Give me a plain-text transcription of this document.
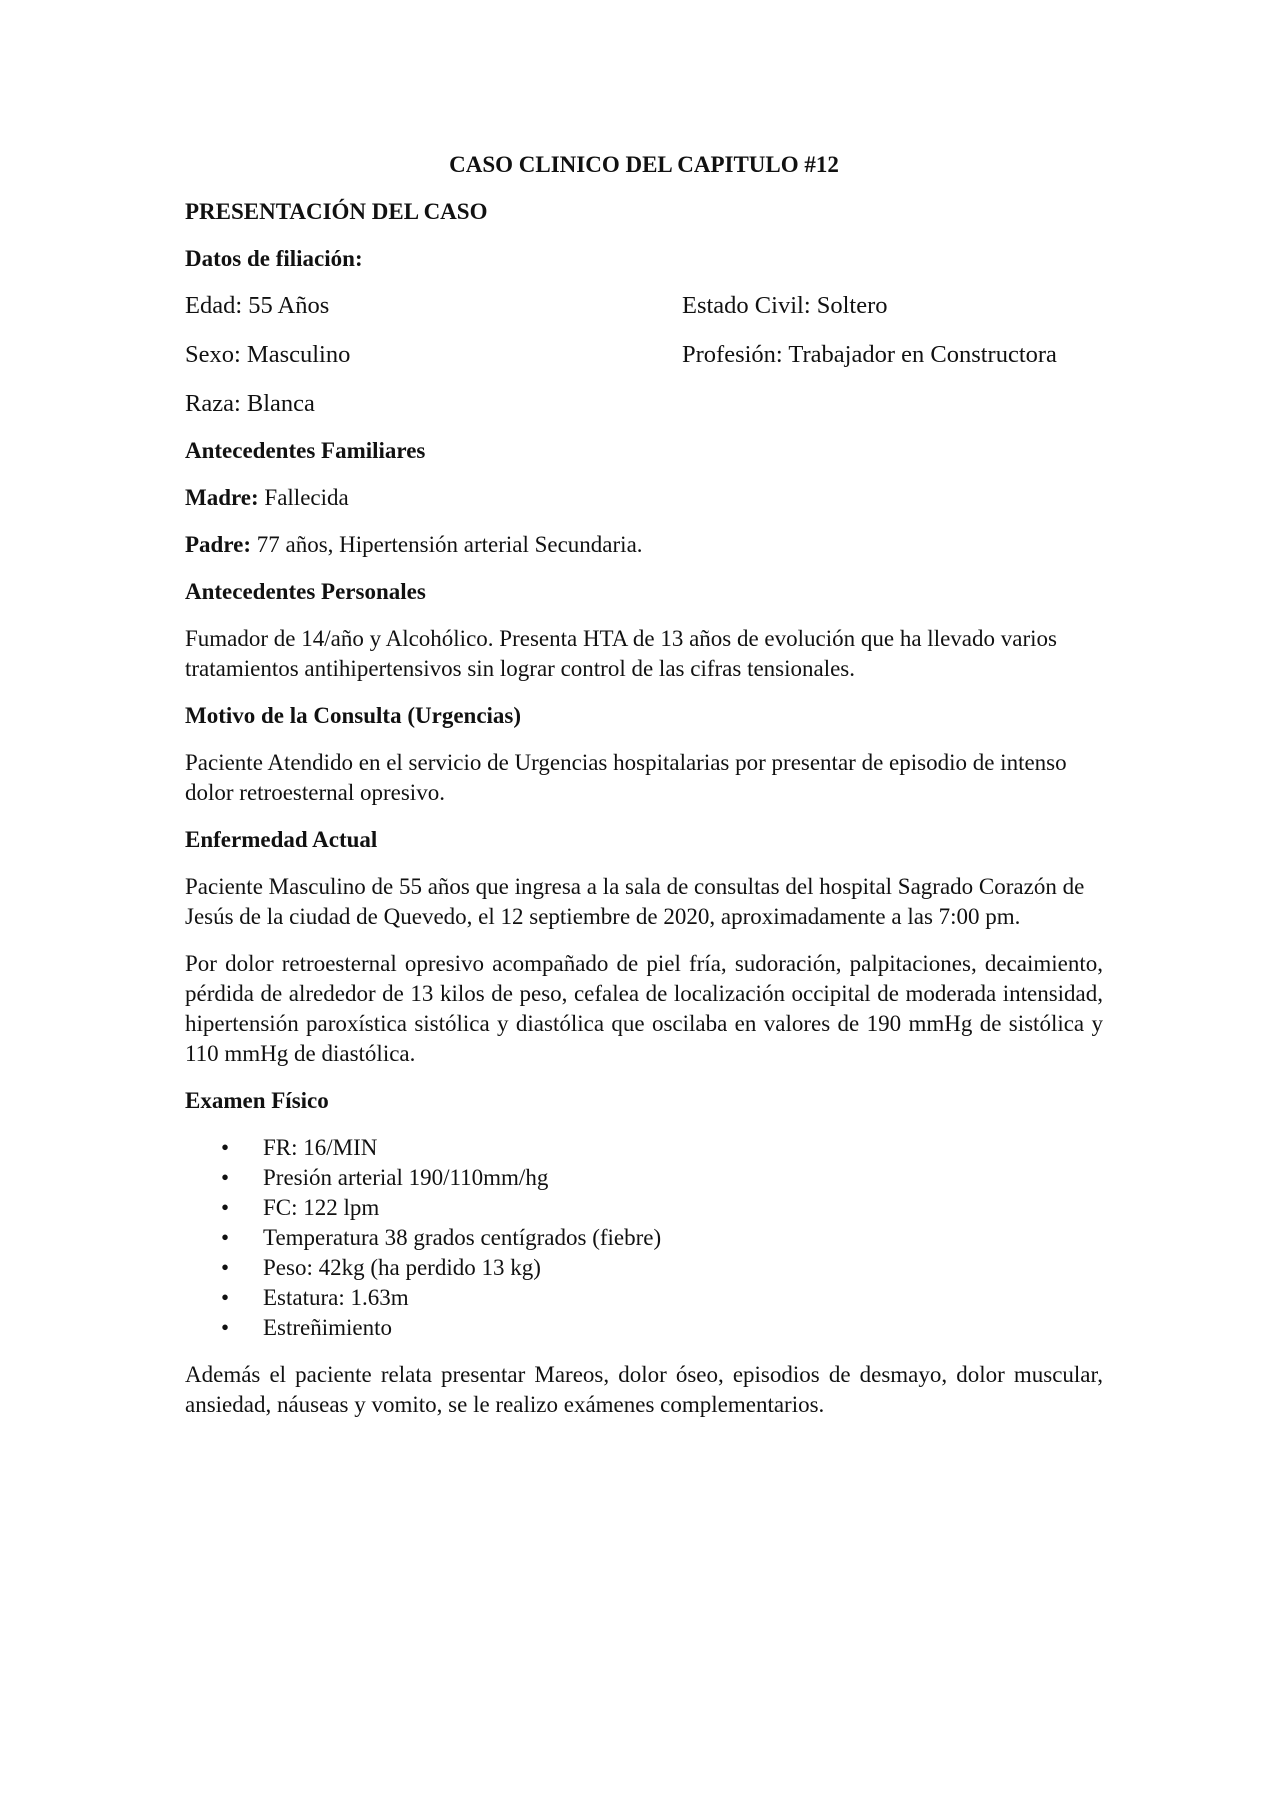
CASO CLINICO DEL CAPITULO #12
PRESENTACIÓN DEL CASO
Datos de filiación:
Edad: 55 Años	Estado Civil: Soltero
Sexo: Masculino	Profesión: Trabajador en Constructora
Raza: Blanca
Antecedentes Familiares
Madre: Fallecida
Padre: 77 años, Hipertensión arterial Secundaria.
Antecedentes Personales
Fumador de 14/año y Alcohólico. Presenta HTA de 13 años de evolución que ha llevado varios tratamientos antihipertensivos sin lograr control de las cifras tensionales.
Motivo de la Consulta (Urgencias)
Paciente Atendido en el servicio de Urgencias hospitalarias por presentar de episodio de intenso dolor retroesternal opresivo.
Enfermedad Actual
Paciente Masculino de 55 años que ingresa a la sala de consultas del hospital Sagrado Corazón de Jesús de la ciudad de Quevedo, el 12 septiembre de 2020, aproximadamente a las 7:00 pm.
Por dolor retroesternal opresivo acompañado de piel fría, sudoración, palpitaciones, decaimiento, pérdida de alrededor de 13 kilos de peso, cefalea de localización occipital de moderada intensidad, hipertensión paroxística sistólica y diastólica que oscilaba en valores de 190 mmHg de sistólica y 110 mmHg de diastólica.
Examen Físico
• FR: 16/MIN
• Presión arterial 190/110mm/hg
• FC: 122 lpm
• Temperatura 38 grados centígrados (fiebre)
• Peso: 42kg (ha perdido 13 kg)
• Estatura: 1.63m
• Estreñimiento
Además el paciente relata presentar Mareos, dolor óseo, episodios de desmayo, dolor muscular, ansiedad, náuseas y vomito, se le realizo exámenes complementarios.
